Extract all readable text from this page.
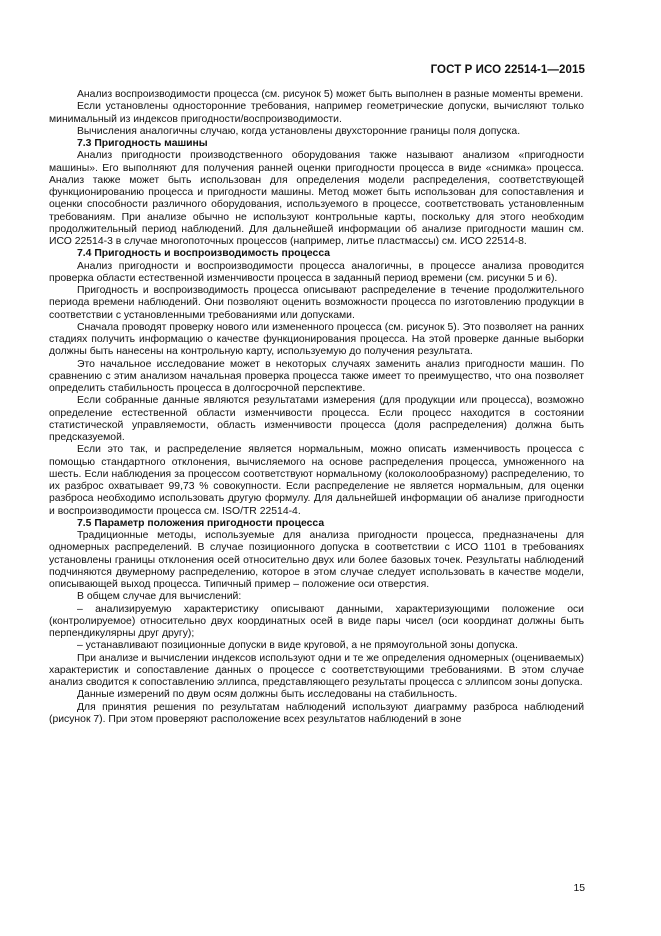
ГОСТ Р ИСО 22514-1—2015

Анализ воспроизводимости процесса (см. рисунок 5) может быть выполнен в разные моменты времени.

Если установлены односторонние требования, например геометрические допуски, вычисляют только минимальный из индексов пригодности/воспроизводимости.

Вычисления аналогичны случаю, когда установлены двухсторонние границы поля допуска.

7.3 Пригодность машины

Анализ пригодности производственного оборудования также называют анализом «пригодности машины». Его выполняют для получения ранней оценки пригодности процесса в виде «снимка» процесса. Анализ также может быть использован для определения модели распределения, соответствующей функционированию процесса и пригодности машины. Метод может быть использован для сопоставления и оценки способности различного оборудования, используемого в процессе, соответствовать установленным требованиям. При анализе обычно не используют контрольные карты, поскольку для этого необходим продолжительный период наблюдений. Для дальнейшей информации об анализе пригодности машин см. ИСО 22514-3 в случае многопоточных процессов (например, литье пластмассы) см. ИСО 22514-8.

7.4 Пригодность и воспроизводимость процесса

Анализ пригодности и воспроизводимости процесса аналогичны, в процессе анализа проводится проверка области естественной изменчивости процесса в заданный период времени (см. рисунки 5 и 6).

Пригодность и воспроизводимость процесса описывают распределение в течение продолжительного периода времени наблюдений. Они позволяют оценить возможности процесса по изготовлению продукции в соответствии с установленными требованиями или допусками.

Сначала проводят проверку нового или измененного процесса (см. рисунок 5). Это позволяет на ранних стадиях получить информацию о качестве функционирования процесса. На этой проверке данные выборки должны быть нанесены на контрольную карту, используемую до получения результата.

Это начальное исследование может в некоторых случаях заменить анализ пригодности машин. По сравнению с этим анализом начальная проверка процесса также имеет то преимущество, что она позволяет определить стабильность процесса в долгосрочной перспективе.

Если собранные данные являются результатами измерения (для продукции или процесса), возможно определение естественной области изменчивости процесса. Если процесс находится в состоянии статистической управляемости, область изменчивости процесса (доля распределения) должна быть предсказуемой.

Если это так, и распределение является нормальным, можно описать изменчивость процесса с помощью стандартного отклонения, вычисляемого на основе распределения процесса, умноженного на шесть. Если наблюдения за процессом соответствуют нормальному (колоколообразному) распределению, то их разброс охватывает 99,73 % совокупности. Если распределение не является нормальным, для оценки разброса необходимо использовать другую формулу. Для дальнейшей информации об анализе пригодности и воспроизводимости процесса см. ISO/TR 22514-4.

7.5 Параметр положения пригодности процесса

Традиционные методы, используемые для анализа пригодности процесса, предназначены для одномерных распределений. В случае позиционного допуска в соответствии с ИСО 1101 в требованиях установлены границы отклонения осей относительно двух или более базовых точек. Результаты наблюдений подчиняются двумерному распределению, которое в этом случае следует использовать в качестве модели, описывающей выход процесса. Типичный пример – положение оси отверстия.

В общем случае для вычислений:

– анализируемую характеристику описывают данными, характеризующими положение оси (контролируемое) относительно двух координатных осей в виде пары чисел (оси координат должны быть перпендикулярны друг другу);

– устанавливают позиционные допуски в виде круговой, а не прямоугольной зоны допуска.

При анализе и вычислении индексов используют одни и те же определения одномерных (оцениваемых) характеристик и сопоставление данных о процессе с соответствующими требованиями. В этом случае анализ сводится к сопоставлению эллипса, представляющего результаты процесса с эллипсом зоны допуска.

Данные измерений по двум осям должны быть исследованы на стабильность.

Для принятия решения по результатам наблюдений используют диаграмму разброса наблюдений (рисунок 7). При этом проверяют расположение всех результатов наблюдений в зоне

15
